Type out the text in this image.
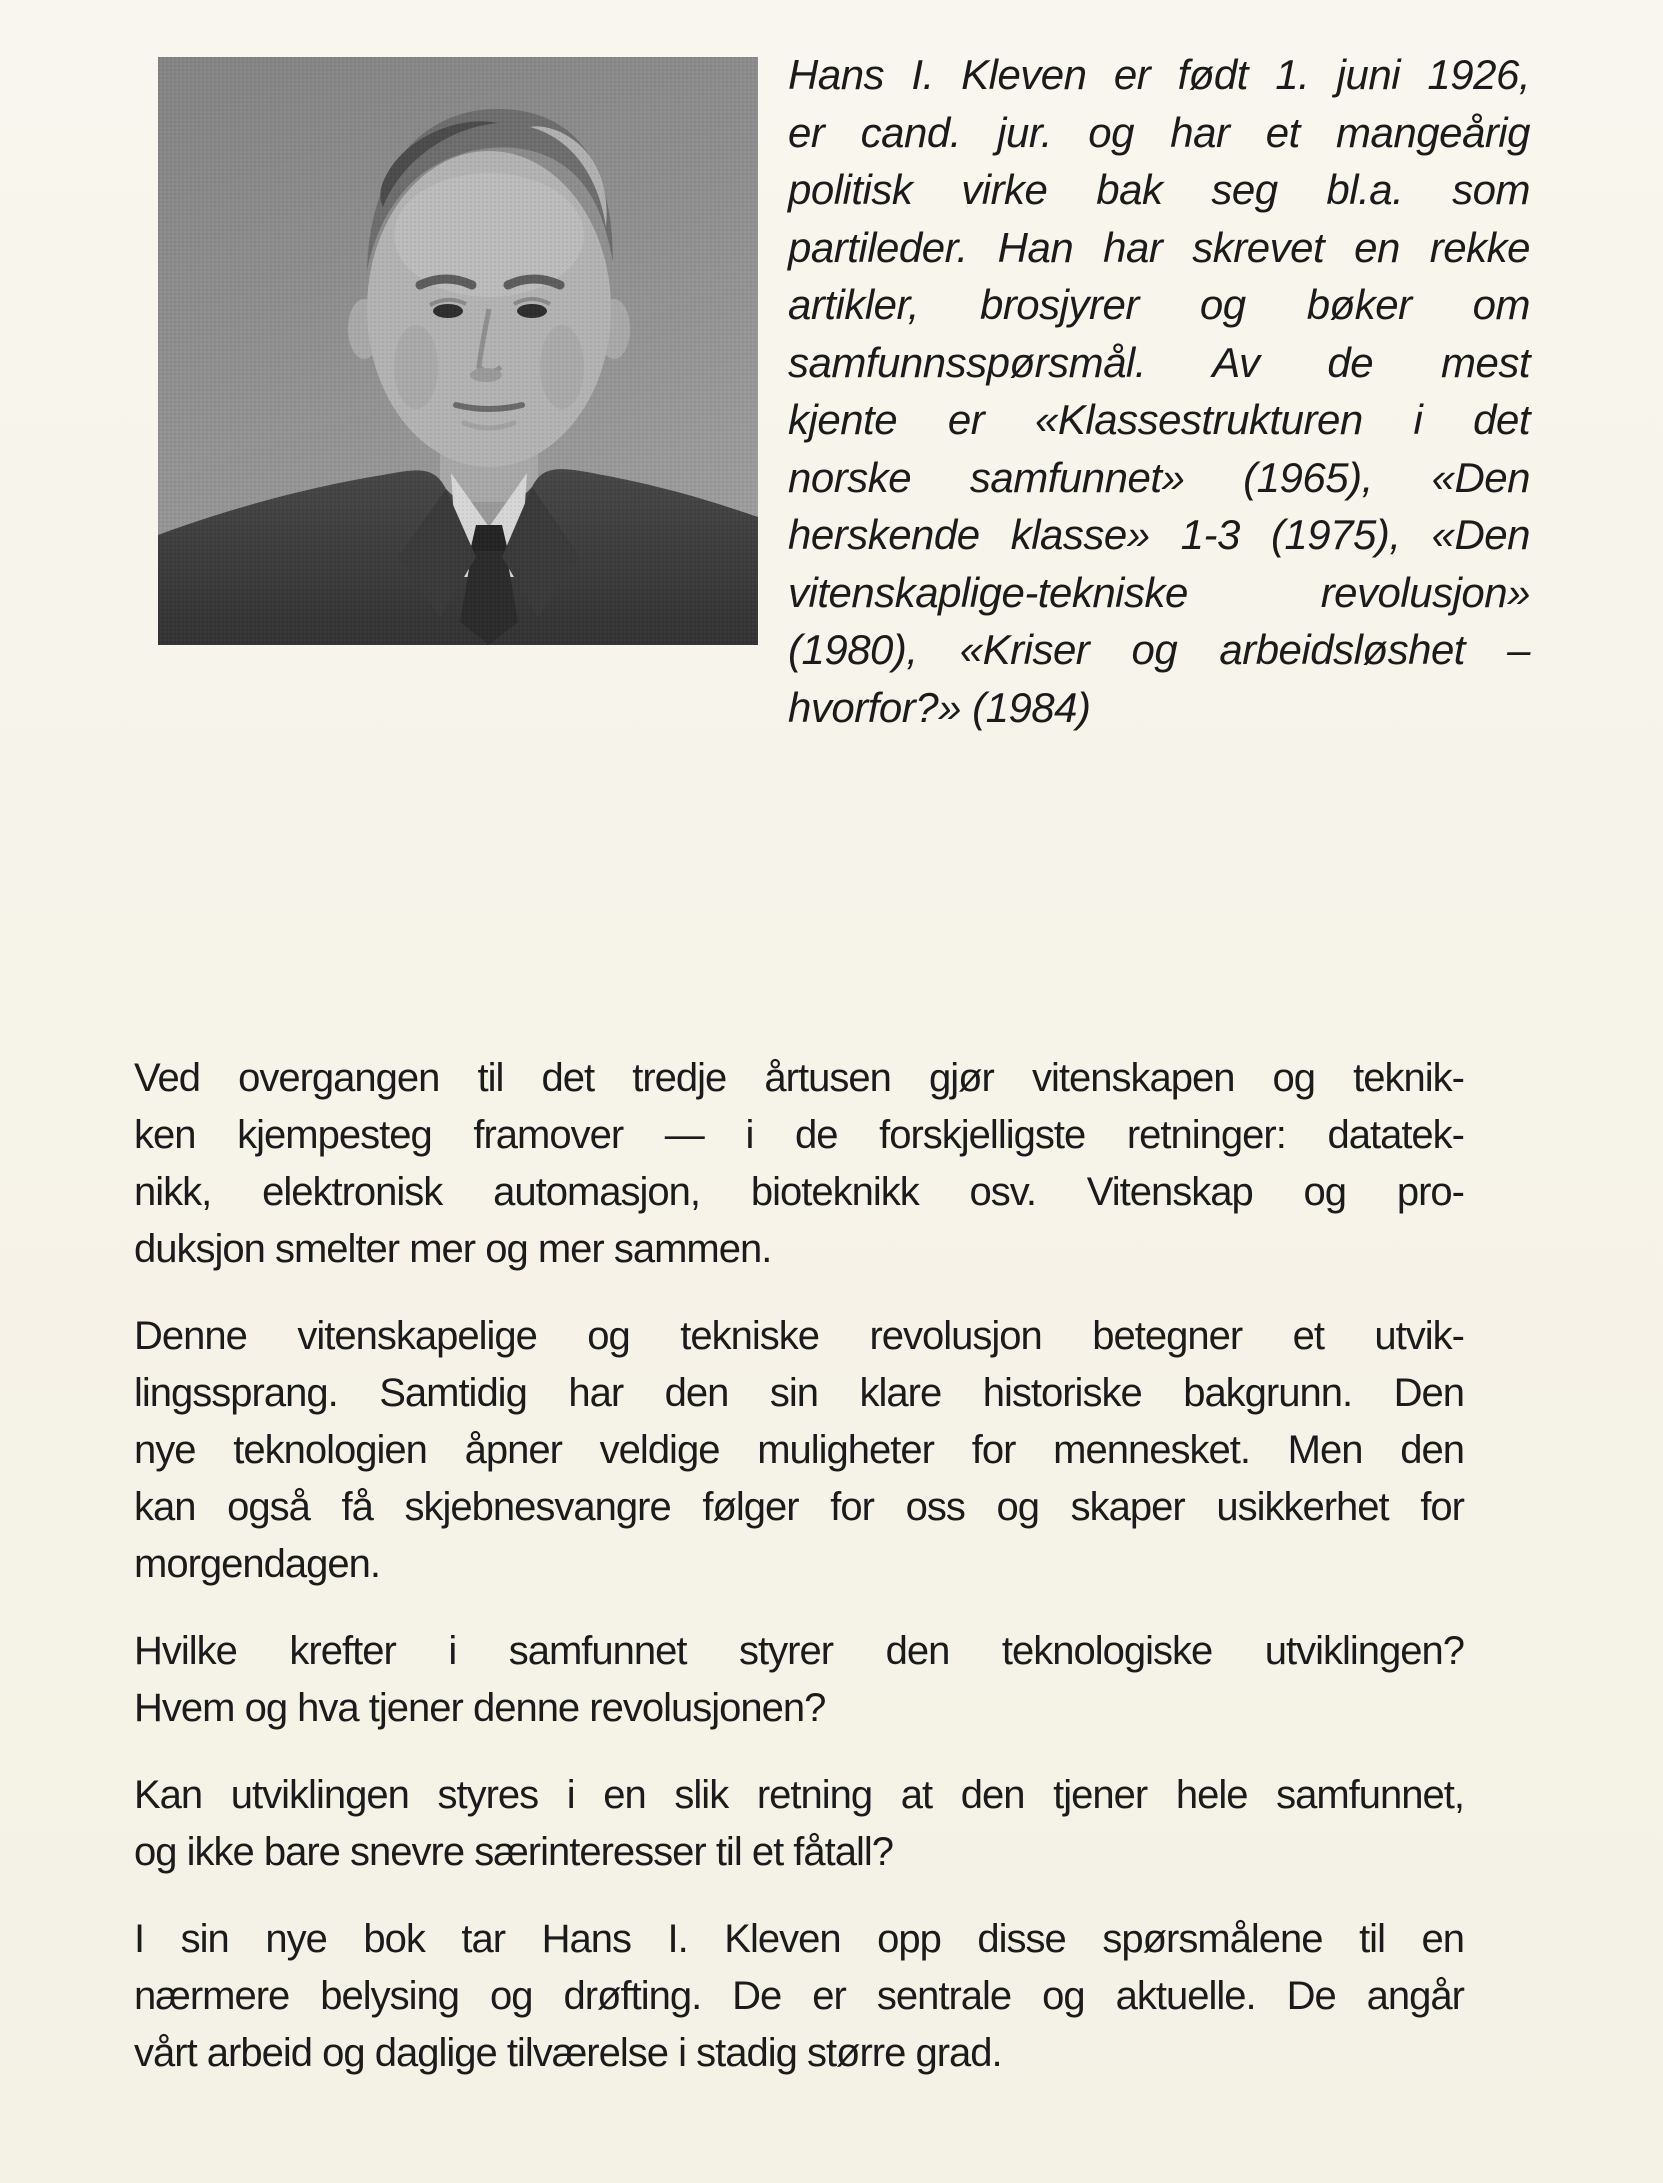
Hans I. Kleven er født 1. juni 1926,
er cand. jur. og har et mangeårig
politisk virke bak seg bl.a. som
partileder. Han har skrevet en rekke
artikler, brosjyrer og bøker om
samfunnsspørsmål. Av de mest
kjente er «Klassestrukturen i det
norske samfunnet» (1965), «Den
herskende klasse» 1-3 (1975), «Den
vitenskaplige-tekniske revolusjon»
(1980), «Kriser og arbeidsløshet –
hvorfor?» (1984)
Ved overgangen til det tredje årtusen gjør vitenskapen og teknik-
ken kjempesteg framover — i de forskjelligste retninger: datatek-
nikk, elektronisk automasjon, bioteknikk osv. Vitenskap og pro-
duksjon smelter mer og mer sammen.
Denne vitenskapelige og tekniske revolusjon betegner et utvik-
lingssprang. Samtidig har den sin klare historiske bakgrunn. Den
nye teknologien åpner veldige muligheter for mennesket. Men den
kan også få skjebnesvangre følger for oss og skaper usikkerhet for
morgendagen.
Hvilke krefter i samfunnet styrer den teknologiske utviklingen?
Hvem og hva tjener denne revolusjonen?
Kan utviklingen styres i en slik retning at den tjener hele samfunnet,
og ikke bare snevre særinteresser til et fåtall?
I sin nye bok tar Hans I. Kleven opp disse spørsmålene til en
nærmere belysing og drøfting. De er sentrale og aktuelle. De angår
vårt arbeid og daglige tilværelse i stadig større grad.
